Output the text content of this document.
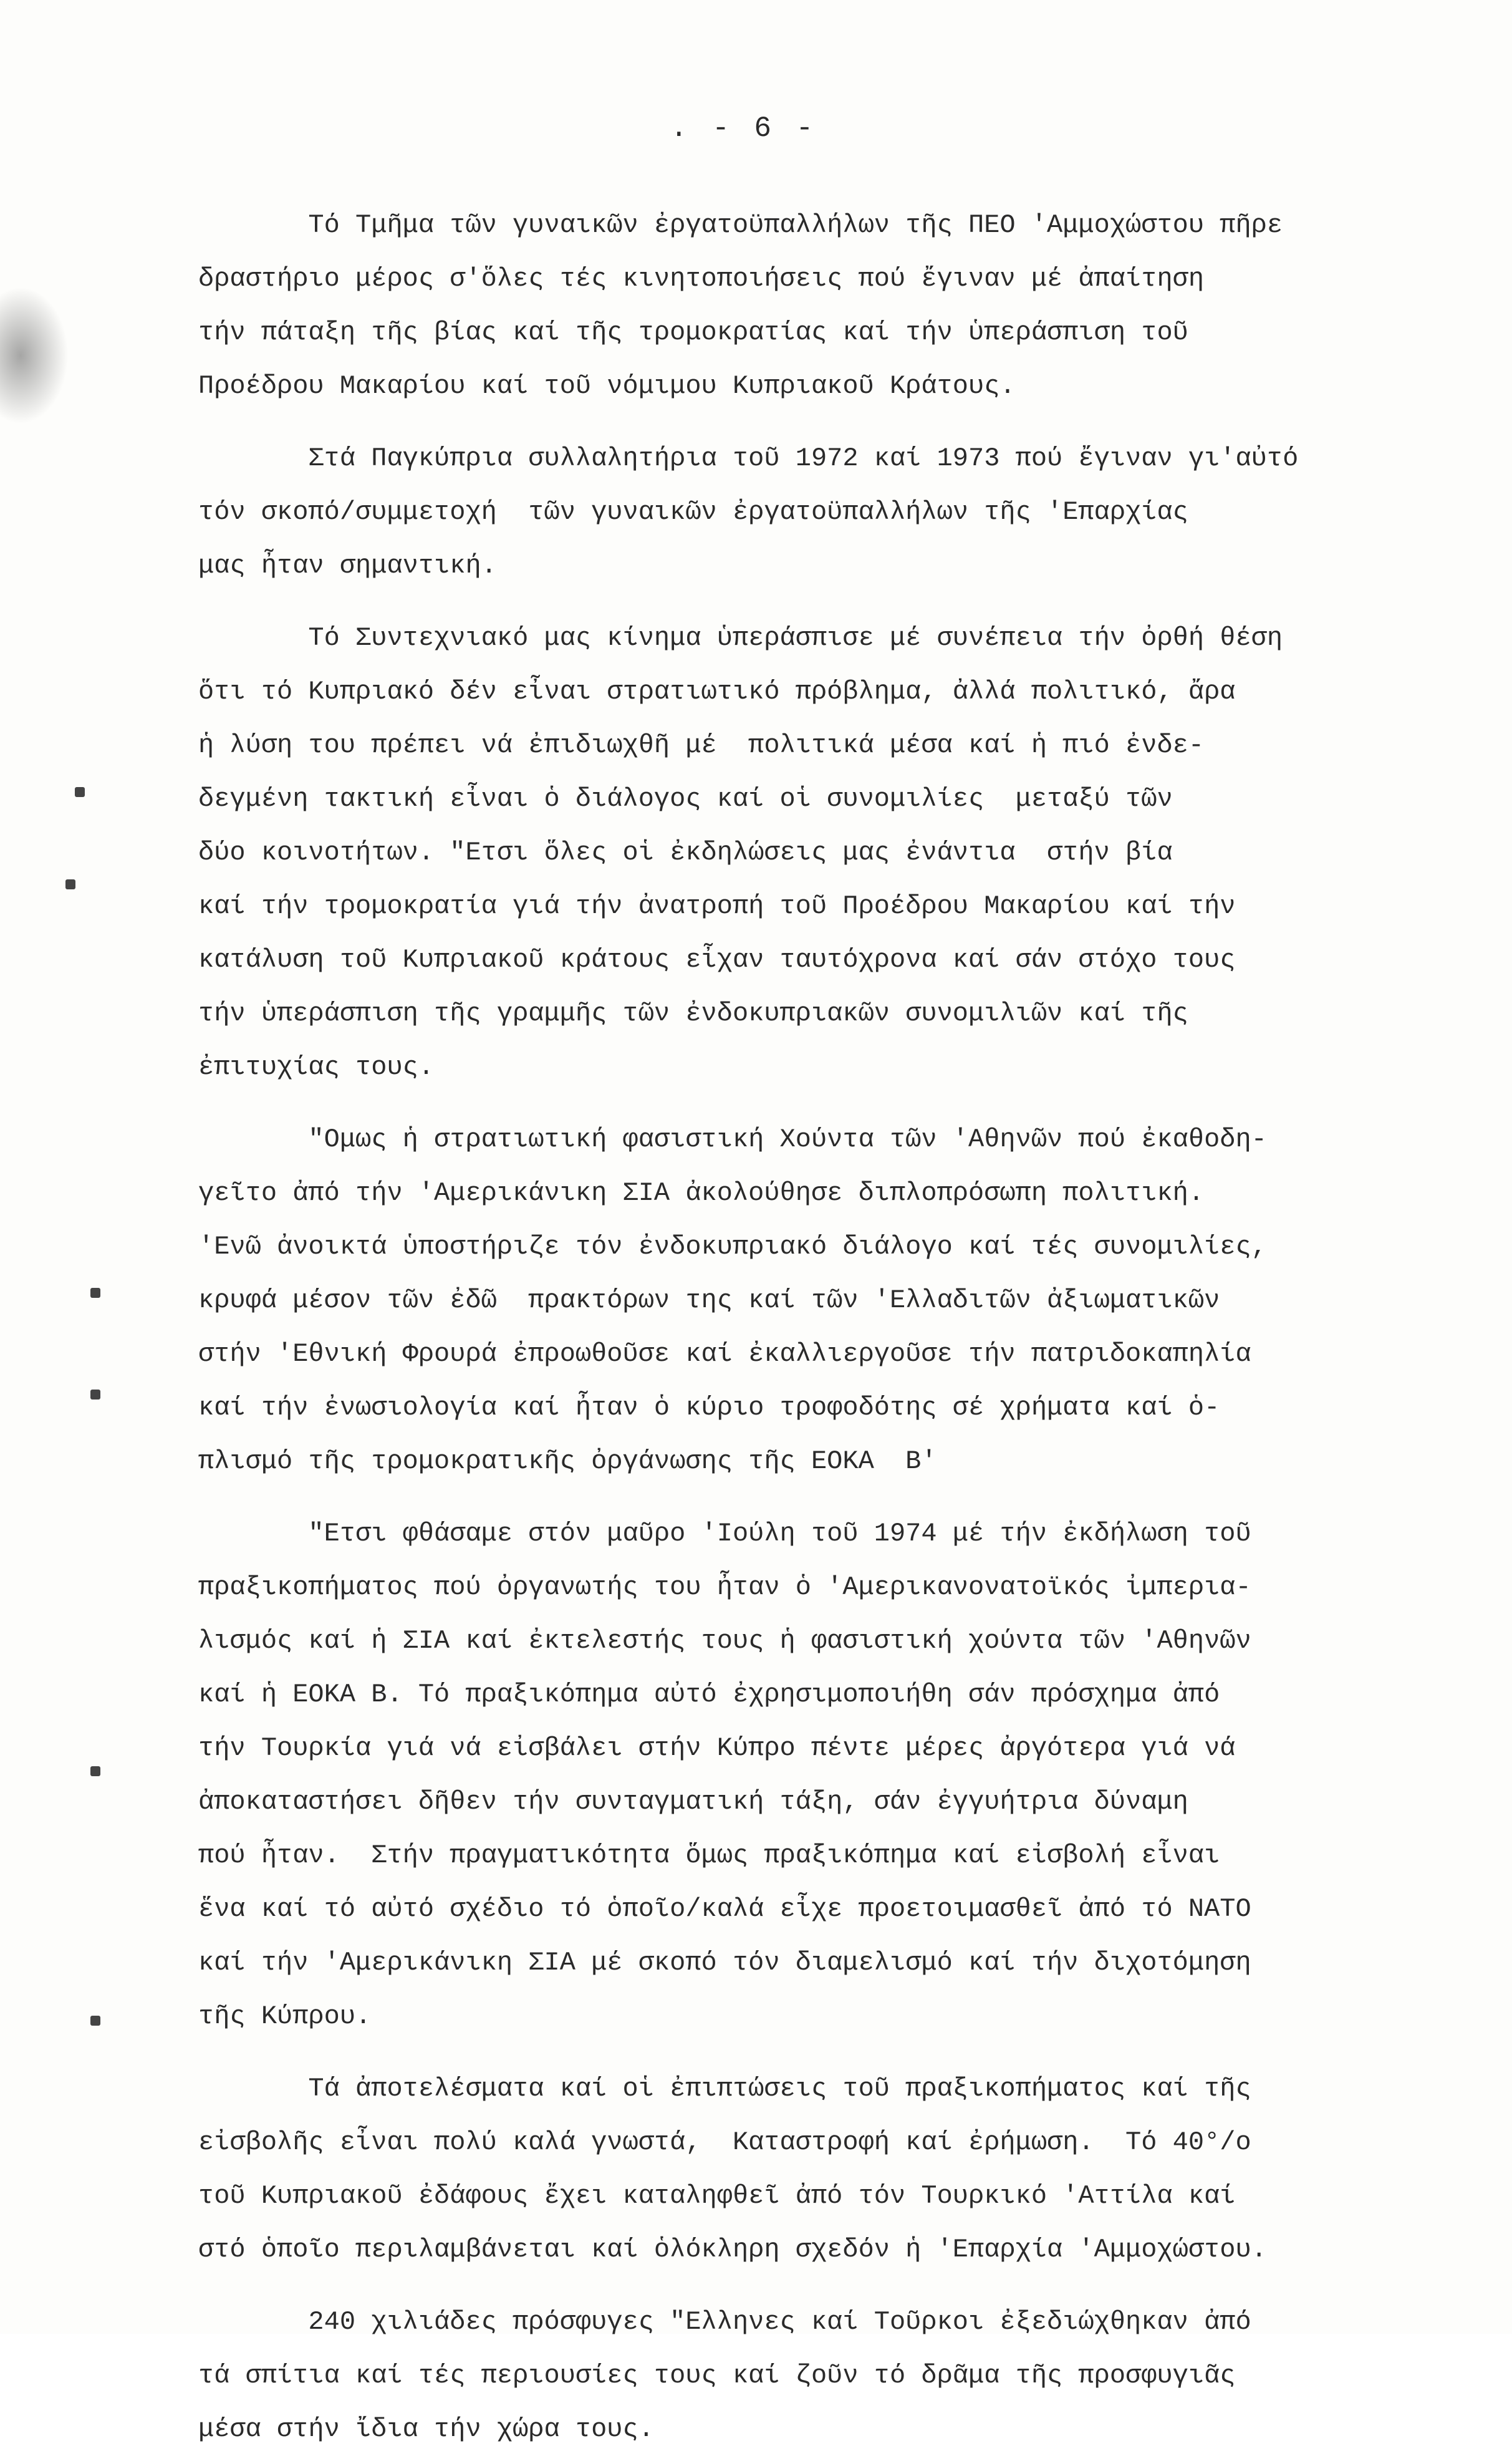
. - 6 -
Τό Τμῆμα τῶν γυναικῶν ἐργατοϋπαλλήλων τῆς ΠΕΟ 'Αμμοχώστου πῆρε
δραστήριο μέρος σ'ὅλες τές κινητοποιήσεις πού ἔγιναν μέ ἀπαίτηση
τήν πάταξη τῆς βίας καί τῆς τρομοκρατίας καί τήν ὑπεράσπιση τοῦ
Προέδρου Μακαρίου καί τοῦ νόμιμου Κυπριακοῦ Κράτους.
Στά Παγκύπρια συλλαλητήρια τοῦ 1972 καί 1973 πού ἔγιναν γι'αὐτό
τόν σκοπό/συμμετοχή  τῶν γυναικῶν ἐργατοϋπαλλήλων τῆς 'Επαρχίας
μας ἦταν σημαντική.
Τό Συντεχνιακό μας κίνημα ὑπεράσπισε μέ συνέπεια τήν ὀρθή θέση
ὅτι τό Κυπριακό δέν εἶναι στρατιωτικό πρόβλημα, ἀλλά πολιτικό, ἄρα
ἡ λύση του πρέπει νά ἐπιδιωχθῆ μέ  πολιτικά μέσα καί ἡ πιό ἐνδε-
δεγμένη τακτική εἶναι ὁ διάλογος καί οἱ συνομιλίες  μεταξύ τῶν
δύο κοινοτήτων. "Ετσι ὅλες οἱ ἐκδηλώσεις μας ἐνάντια  στήν βία
καί τήν τρομοκρατία γιά τήν ἀνατροπή τοῦ Προέδρου Μακαρίου καί τήν
κατάλυση τοῦ Κυπριακοῦ κράτους εἶχαν ταυτόχρονα καί σάν στόχο τους
τήν ὑπεράσπιση τῆς γραμμῆς τῶν ἐνδοκυπριακῶν συνομιλιῶν καί τῆς
ἐπιτυχίας τους.
"Ομως ἡ στρατιωτική φασιστική Χούντα τῶν 'Αθηνῶν πού ἐκαθοδη-
γεῖτο ἀπό τήν 'Αμερικάνικη ΣΙΑ ἀκολούθησε διπλοπρόσωπη πολιτική.
'Ενῶ ἀνοικτά ὑποστήριζε τόν ἐνδοκυπριακό διάλογο καί τές συνομιλίες,
κρυφά μέσον τῶν ἐδῶ  πρακτόρων της καί τῶν 'Ελλαδιτῶν ἀξιωματικῶν
στήν 'Εθνική Φρουρά ἐπροωθοῦσε καί ἐκαλλιεργοῦσε τήν πατριδοκαπηλία
καί τήν ἐνωσιολογία καί ἦταν ὁ κύριο τροφοδότης σέ χρήματα καί ὁ-
πλισμό τῆς τρομοκρατικῆς ὀργάνωσης τῆς ΕΟΚΑ  Β'
"Ετσι φθάσαμε στόν μαῦρο 'Ιούλη τοῦ 1974 μέ τήν ἐκδήλωση τοῦ
πραξικοπήματος πού ὀργανωτής του ἦταν ὁ 'Αμερικανονατοϊκός ἰμπερια-
λισμός καί ἡ ΣΙΑ καί ἐκτελεστής τους ἡ φασιστική χούντα τῶν 'Αθηνῶν
καί ἡ ΕΟΚΑ Β. Τό πραξικόπημα αὐτό ἐχρησιμοποιήθη σάν πρόσχημα ἀπό
τήν Τουρκία γιά νά εἰσβάλει στήν Κύπρο πέντε μέρες ἀργότερα γιά νά
ἀποκαταστήσει δῆθεν τήν συνταγματική τάξη, σάν ἐγγυήτρια δύναμη
πού ἦταν.  Στήν πραγματικότητα ὅμως πραξικόπημα καί εἰσβολή εἶναι
ἕνα καί τό αὐτό σχέδιο τό ὁποῖο/καλά εἶχε προετοιμασθεῖ ἀπό τό ΝΑΤΟ
καί τήν 'Αμερικάνικη ΣΙΑ μέ σκοπό τόν διαμελισμό καί τήν διχοτόμηση
τῆς Κύπρου.
Τά ἀποτελέσματα καί οἱ ἐπιπτώσεις τοῦ πραξικοπήματος καί τῆς
εἰσβολῆς εἶναι πολύ καλά γνωστά,  Καταστροφή καί ἐρήμωση.  Τό 40°/ο
τοῦ Κυπριακοῦ ἐδάφους ἔχει καταληφθεῖ ἀπό τόν Τουρκικό 'Αττίλα καί
στό ὁποῖο περιλαμβάνεται καί ὁλόκληρη σχεδόν ἡ 'Επαρχία 'Αμμοχώστου.
240 χιλιάδες πρόσφυγες "Ελληνες καί Τοῦρκοι ἐξεδιώχθηκαν ἀπό
τά σπίτια καί τές περιουσίες τους καί ζοῦν τό δρᾶμα τῆς προσφυγιᾶς
μέσα στήν ἴδια τήν χώρα τους.
